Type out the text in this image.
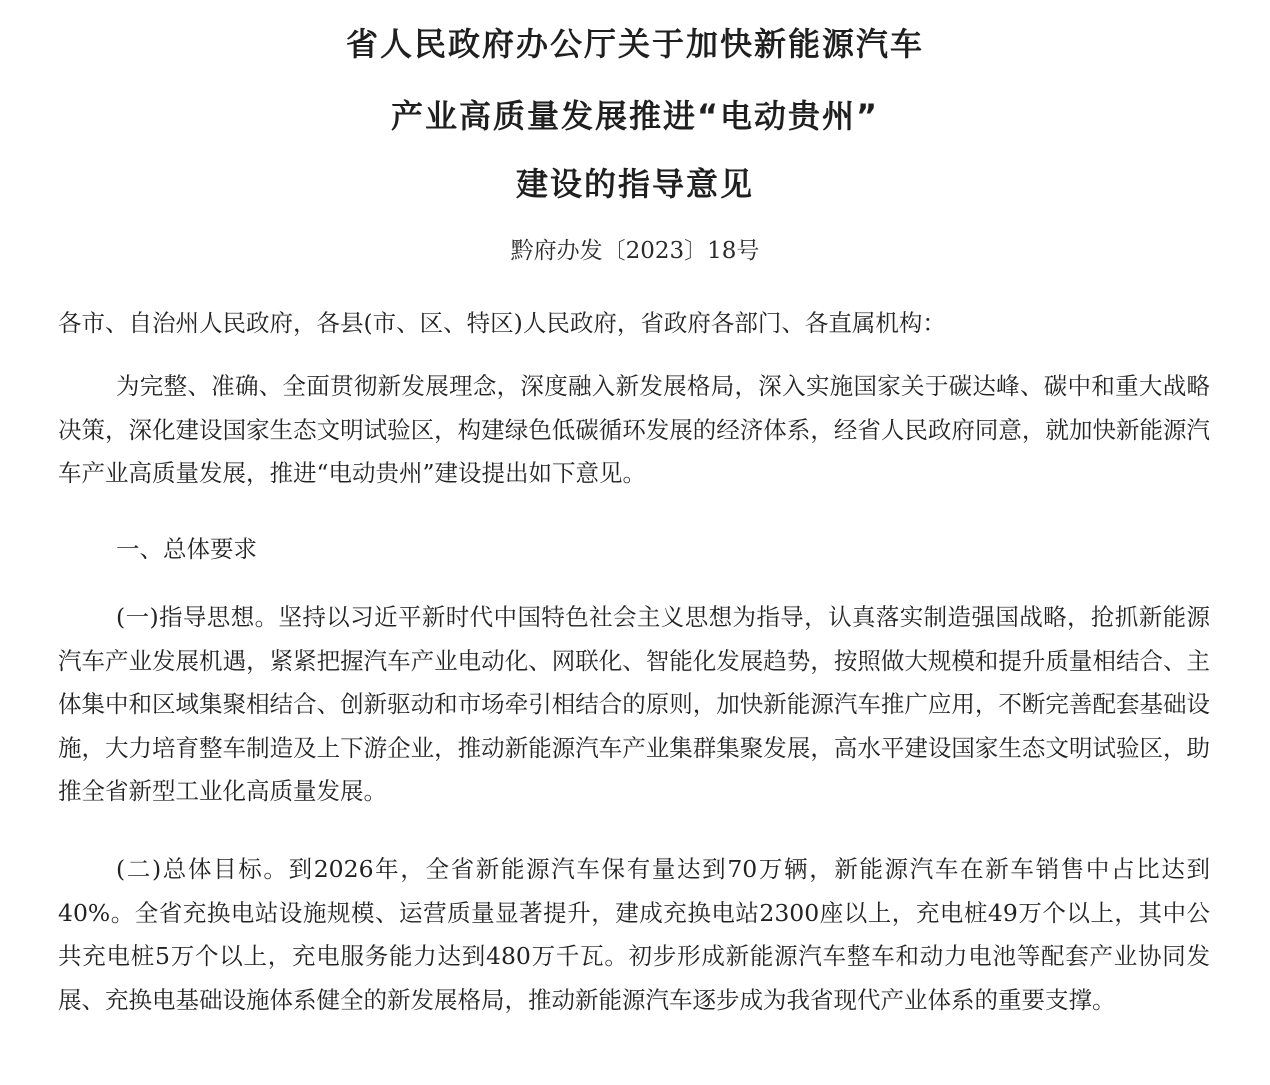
省人民政府办公厅关于加快新能源汽车
产业高质量发展推进“电动贵州”
建设的指导意见
黔府办发〔2023〕18号

各市、自治州人民政府，各县(市、区、特区)人民政府，省政府各部门、各直属机构：

为完整、准确、全面贯彻新发展理念，深度融入新发展格局，深入实施国家关于碳达峰、碳中和重大战略决策，深化建设国家生态文明试验区，构建绿色低碳循环发展的经济体系，经省人民政府同意，就加快新能源汽车产业高质量发展，推进“电动贵州”建设提出如下意见。

一、总体要求

(一)指导思想。坚持以习近平新时代中国特色社会主义思想为指导，认真落实制造强国战略，抢抓新能源汽车产业发展机遇，紧紧把握汽车产业电动化、网联化、智能化发展趋势，按照做大规模和提升质量相结合、主体集中和区域集聚相结合、创新驱动和市场牵引相结合的原则，加快新能源汽车推广应用，不断完善配套基础设施，大力培育整车制造及上下游企业，推动新能源汽车产业集群集聚发展，高水平建设国家生态文明试验区，助推全省新型工业化高质量发展。

(二)总体目标。到2026年，全省新能源汽车保有量达到70万辆，新能源汽车在新车销售中占比达到40%。全省充换电站设施规模、运营质量显著提升，建成充换电站2300座以上，充电桩49万个以上，其中公共充电桩5万个以上，充电服务能力达到480万千瓦。初步形成新能源汽车整车和动力电池等配套产业协同发展、充换电基础设施体系健全的新发展格局，推动新能源汽车逐步成为我省现代产业体系的重要支撑。
